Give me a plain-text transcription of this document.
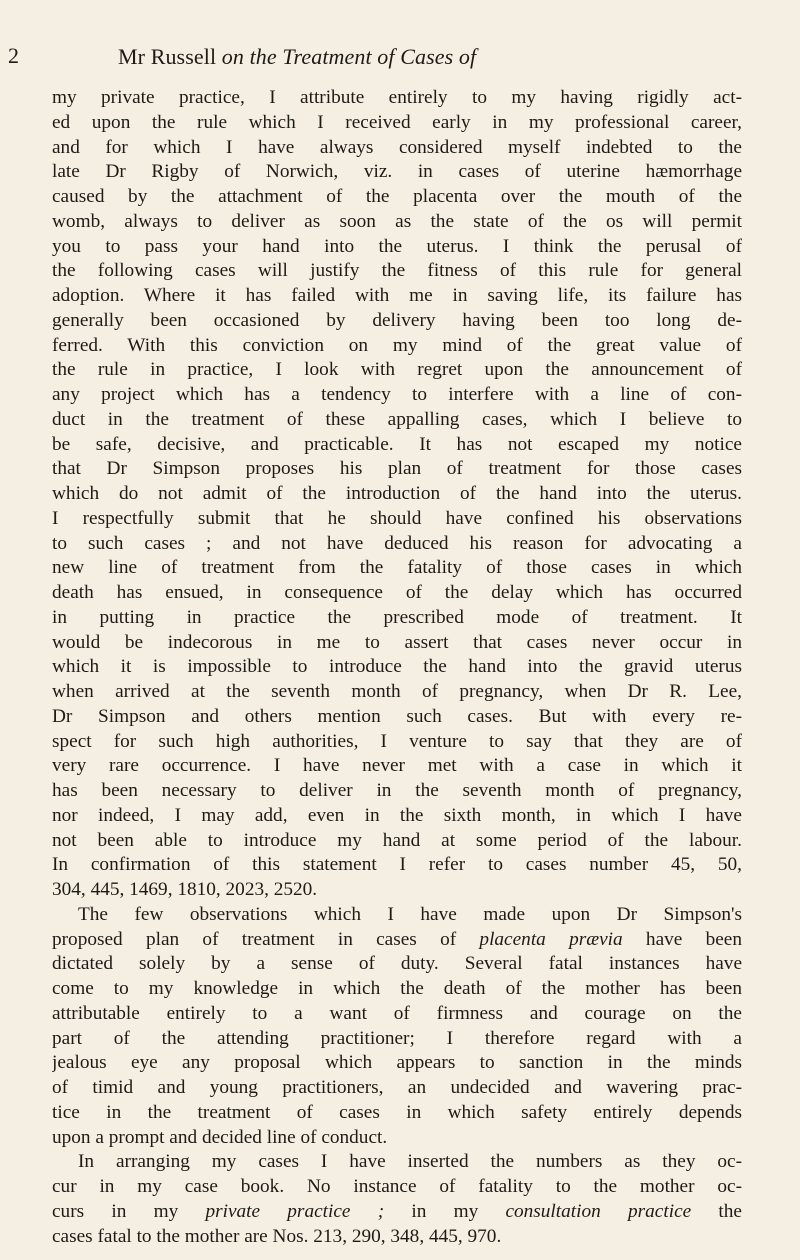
2	Mr Russell on the Treatment of Cases of
my private practice, I attribute entirely to my having rigidly act-
ed upon the rule which I received early in my professional career,
and for which I have always considered myself indebted to the
late Dr Rigby of Norwich, viz. in cases of uterine hæmorrhage
caused by the attachment of the placenta over the mouth of the
womb, always to deliver as soon as the state of the os will permit
you to pass your hand into the uterus. I think the perusal of
the following cases will justify the fitness of this rule for general
adoption. Where it has failed with me in saving life, its failure has
generally been occasioned by delivery having been too long de-
ferred. With this conviction on my mind of the great value of
the rule in practice, I look with regret upon the announcement of
any project which has a tendency to interfere with a line of con-
duct in the treatment of these appalling cases, which I believe to
be safe, decisive, and practicable. It has not escaped my notice
that Dr Simpson proposes his plan of treatment for those cases
which do not admit of the introduction of the hand into the uterus.
I respectfully submit that he should have confined his observations
to such cases ; and not have deduced his reason for advocating a
new line of treatment from the fatality of those cases in which
death has ensued, in consequence of the delay which has occurred
in putting in practice the prescribed mode of treatment. It
would be indecorous in me to assert that cases never occur in
which it is impossible to introduce the hand into the gravid uterus
when arrived at the seventh month of pregnancy, when Dr R. Lee,
Dr Simpson and others mention such cases. But with every re-
spect for such high authorities, I venture to say that they are of
very rare occurrence. I have never met with a case in which it
has been necessary to deliver in the seventh month of pregnancy,
nor indeed, I may add, even in the sixth month, in which I have
not been able to introduce my hand at some period of the labour.
In confirmation of this statement I refer to cases number 45, 50,
304, 445, 1469, 1810, 2023, 2520.
The few observations which I have made upon Dr Simpson's
proposed plan of treatment in cases of placenta prævia have been
dictated solely by a sense of duty. Several fatal instances have
come to my knowledge in which the death of the mother has been
attributable entirely to a want of firmness and courage on the
part of the attending practitioner; I therefore regard with a
jealous eye any proposal which appears to sanction in the minds
of timid and young practitioners, an undecided and wavering prac-
tice in the treatment of cases in which safety entirely depends
upon a prompt and decided line of conduct.
In arranging my cases I have inserted the numbers as they oc-
cur in my case book. No instance of fatality to the mother oc-
curs in my private practice ; in my consultation practice the
cases fatal to the mother are Nos. 213, 290, 348, 445, 970.
